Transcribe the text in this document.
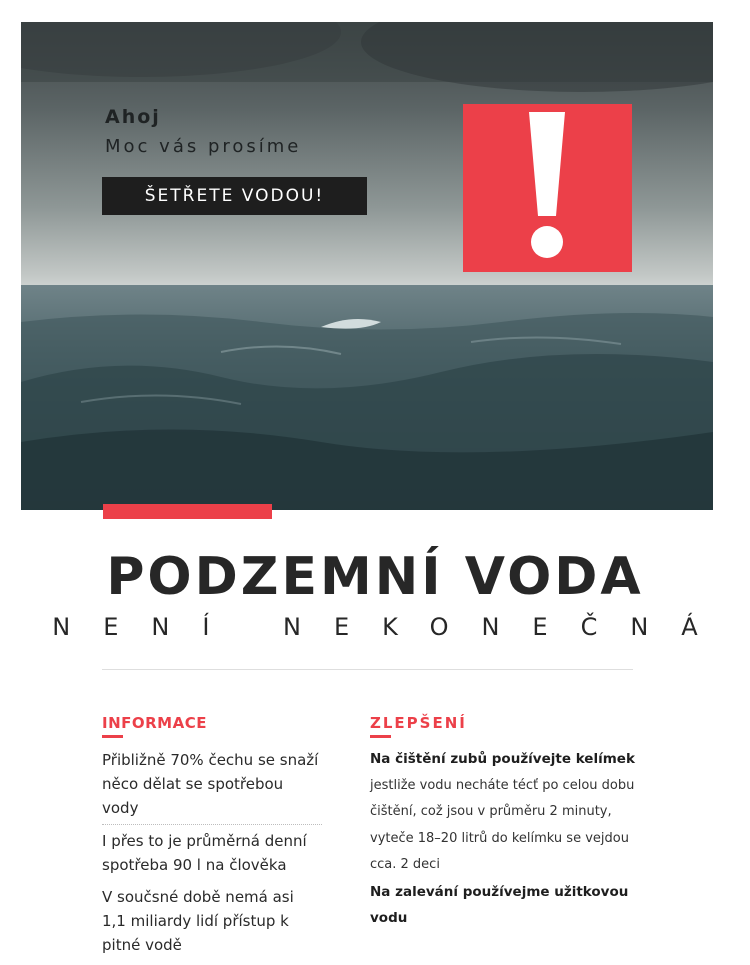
Ahoj
Moc vás prosíme
ŠETŘETE VODOU!
PODZEMNÍ VODA
NENÍ NEKONEČNÁ
INFORMACE
Přibližně 70% čechu se snaží něco dělat se spotřebou vody
I přes to je průměrná denní spotřeba 90 l na člověka
V součsné době nemá asi 1,1 miliardy lidí přístup k pitné vodě
ZLEPŠENÍ
Na čištění zubů používejte kelímek
jestliže vodu necháte técť po celou dobu čištění, což jsou v průměru 2 minuty, vyteče 18–20 litrů do kelímku se vejdou cca. 2 deci
Na zalevání používejme užitkovou vodu
